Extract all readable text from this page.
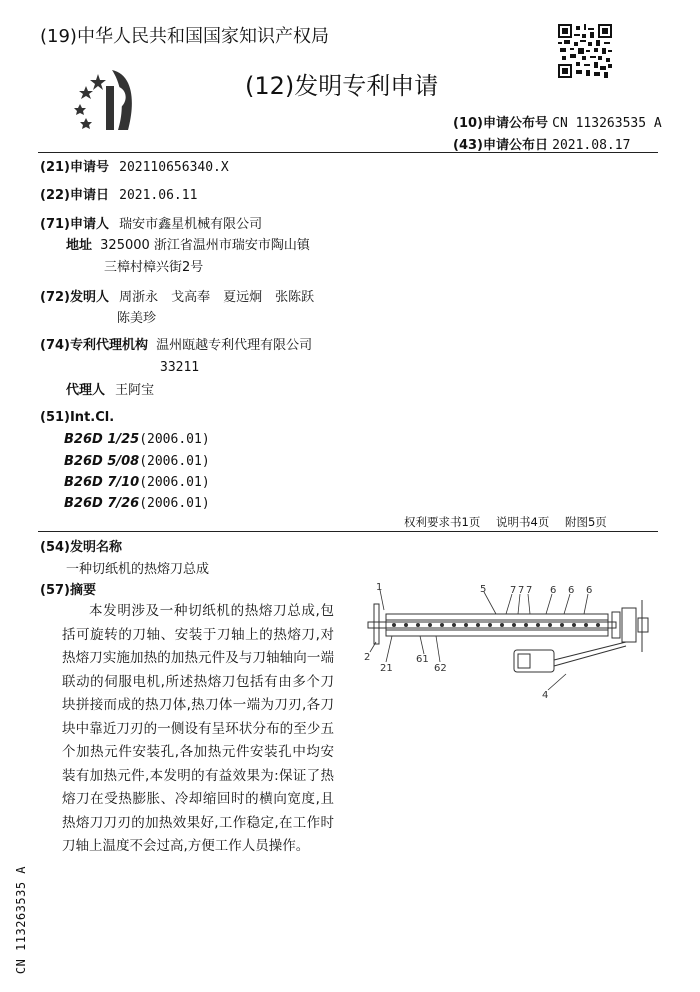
(19)中华人民共和国国家知识产权局
(12)发明专利申请
(10)申请公布号 CN 113263535 A
(43)申请公布日 2021.08.17
(21)申请号 202110656340.X
(22)申请日 2021.06.11
(71)申请人 瑞安市鑫星机械有限公司
地址 325000 浙江省温州市瑞安市陶山镇
三樟村樟兴街2号
(72)发明人 周浙永　戈高奉　夏远炯　张陈跃
陈美珍
(74)专利代理机构 温州瓯越专利代理有限公司
33211
代理人 王阿宝
(51)Int.Cl.
B26D 1/25(2006.01)
B26D 5/08(2006.01)
B26D 7/10(2006.01)
B26D 7/26(2006.01)
权利要求书1页 说明书4页 附图5页
(54)发明名称
一种切纸机的热熔刀总成
(57)摘要

本发明涉及一种切纸机的热熔刀总成,包括可旋转的刀轴、安装于刀轴上的热熔刀,对热熔刀实施加热的加热元件及与刀轴轴向一端联动的伺服电机,所述热熔刀包括有由多个刀块拼接而成的热刀体,热刀体一端为刀刃,各刀块中靠近刀刃的一侧设有呈环状分布的至少五个加热元件安装孔,各加热元件安装孔中均安装有加热元件,本发明的有益效果为:保证了热熔刀在受热膨胀、冷却缩回时的横向宽度,且热熔刀刀刃的加热效果好,工作稳定,在工作时刀轴上温度不会过高,方便工作人员操作。

1	5 7 7 7 6 6 6
2
21
61
62
4
CN 113263535 A
